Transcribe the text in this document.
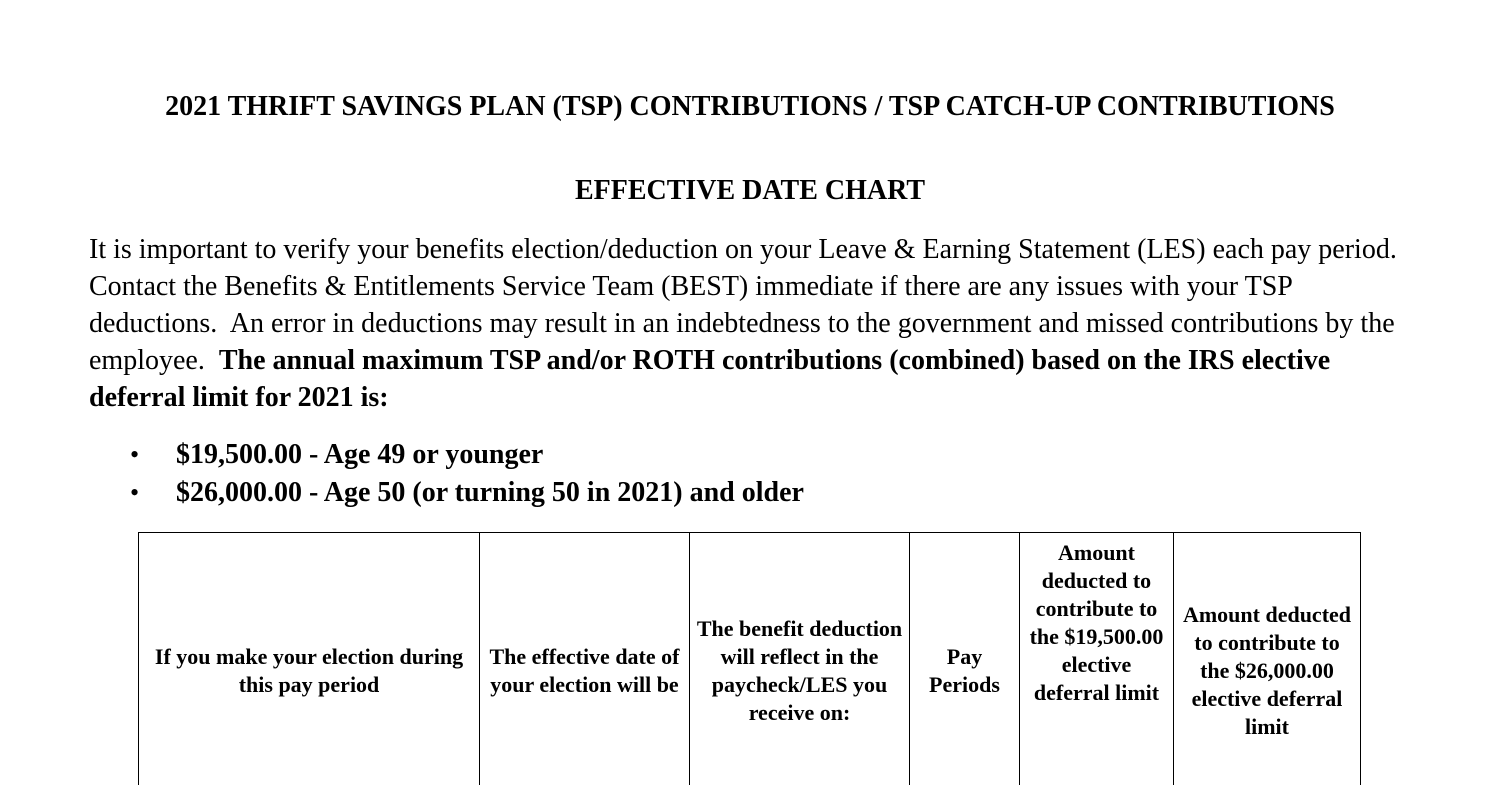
2021 THRIFT SAVINGS PLAN (TSP) CONTRIBUTIONS / TSP CATCH-UP CONTRIBUTIONS
EFFECTIVE DATE CHART

It is important to verify your benefits election/deduction on your Leave & Earning Statement (LES) each pay period.   Contact the Benefits & Entitlements Service Team (BEST) immediate if there are any issues with your TSP deductions.  An error in deductions may result in an indebtedness to the government and missed contributions by the employee.  The annual maximum TSP and/or ROTH contributions (combined) based on the IRS elective deferral limit for 2021 is:

• $19,500.00 - Age 49 or younger
• $26,000.00 - Age 50 (or turning 50 in 2021) and older
If you make your election during this pay period	The effective date of your election will be	The benefit deduction will reflect in the paycheck/LES you receive on:	Pay Periods	Amount deducted to contribute to the $19,500.00 elective deferral limit	Amount deducted to contribute to the $26,000.00 elective deferral limit
